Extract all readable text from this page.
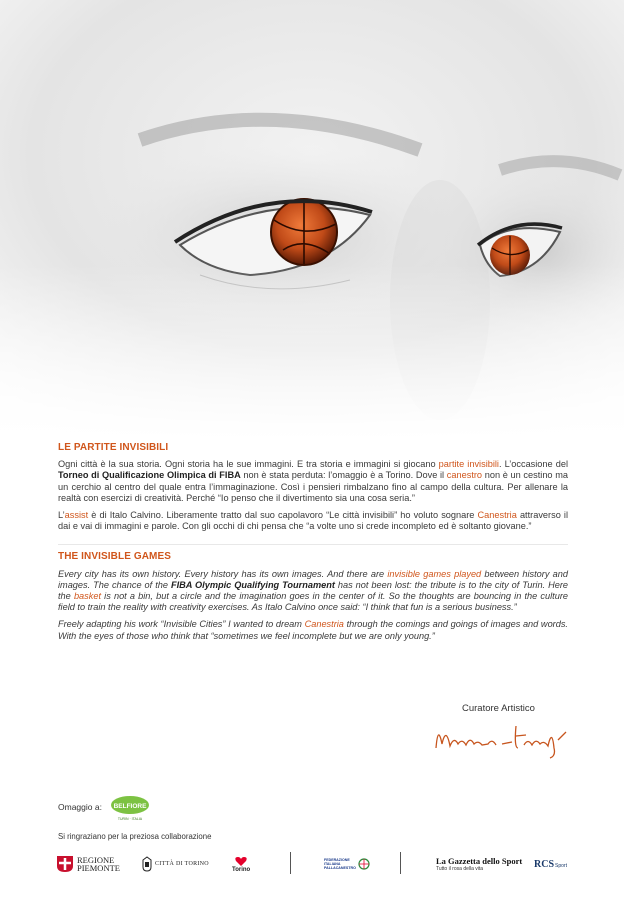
LE PARTITE INVISIBILI

Ogni città è la sua storia. Ogni storia ha le sue immagini. E tra storia e immagini si giocano partite invisibili. L’occasione del Torneo di Qualificazione Olimpica di FIBA non è stata perduta: l’omaggio è a Torino. Dove il canestro non è un cestino ma un cerchio al centro del quale entra l’immaginazione. Così i pensieri rimbalzano fino al campo della cultura. Per allenare la realtà con esercizi di creatività. Perché “Io penso che il divertimento sia una cosa seria.”

L’assist è di Italo Calvino. Liberamente tratto dal suo capolavoro “Le città invisibili” ho voluto sognare Canestria attraverso il dai e vai di immagini e parole. Con gli occhi di chi pensa che “a volte uno si crede incompleto ed è soltanto giovane.”

THE INVISIBLE GAMES

Every city has its own history. Every history has its own images. And there are invisible games played between history and images. The chance of the FIBA Olympic Qualifying Tournament has not been lost: the tribute is to the city of Turin. Here the basket is not a bin, but a circle and the imagination goes in the center of it. So the thoughts are bouncing in the culture field to train the reality with creativity exercises. As Italo Calvino once said: “I think that fun is a serious business.”

Freely adapting his work “Invisible Cities” I wanted to dream Canestria through the comings and goings of images and words. With the eyes of those who think that “sometimes we feel incomplete but we are only young.”

Curatore Artistico
Omaggio a: BELFIORE
TURIN · ITALIA
Si ringraziano per la preziosa collaborazione
REGIONE
PIEMONTE	CITTÀ DI TORINO
Torino
FEDERAZIONE
ITALIANA
PALLACANESTRO
La Gazzetta dello Sport
Tutto il rosa della vita	RCS Sport
